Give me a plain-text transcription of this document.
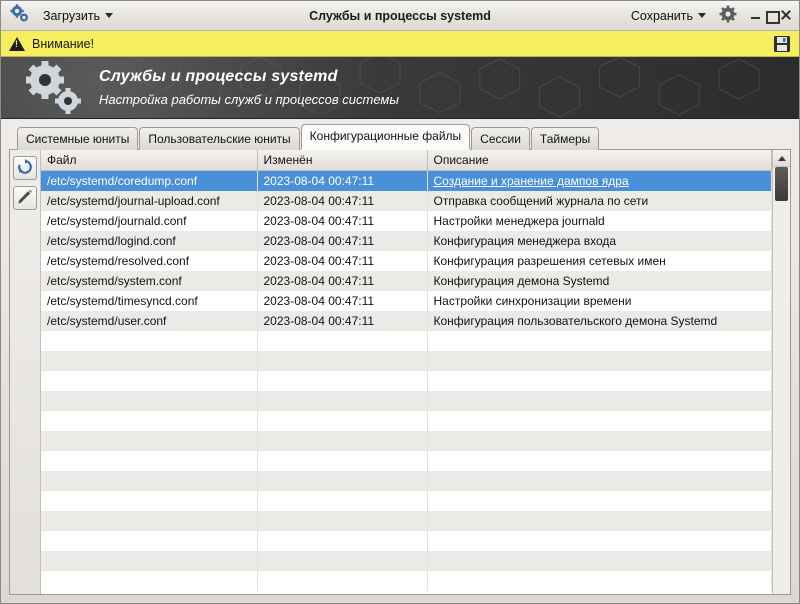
Загрузить	Службы и процессы systemd	Сохранить
!
Внимание!
Службы и процессы systemd
Настройка работы служб и процессов системы
Системные юниты	Пользовательские юниты	Конфигурационные файлы	Сессии	Таймеры
Файл	Изменён	Описание
/etc/systemd/coredump.conf	2023-08-04 00:47:11	Создание и хранение дампов ядра
/etc/systemd/journal-upload.conf	2023-08-04 00:47:11	Отправка сообщений журнала по сети
/etc/systemd/journald.conf	2023-08-04 00:47:11	Настройки менеджера journald
/etc/systemd/logind.conf	2023-08-04 00:47:11	Конфигурация менеджера входа
/etc/systemd/resolved.conf	2023-08-04 00:47:11	Конфигурация разрешения сетевых имен
/etc/systemd/system.conf	2023-08-04 00:47:11	Конфигурация демона Systemd
/etc/systemd/timesyncd.conf	2023-08-04 00:47:11	Настройки синхронизации времени
/etc/systemd/user.conf	2023-08-04 00:47:11	Конфигурация пользовательского демона Systemd
